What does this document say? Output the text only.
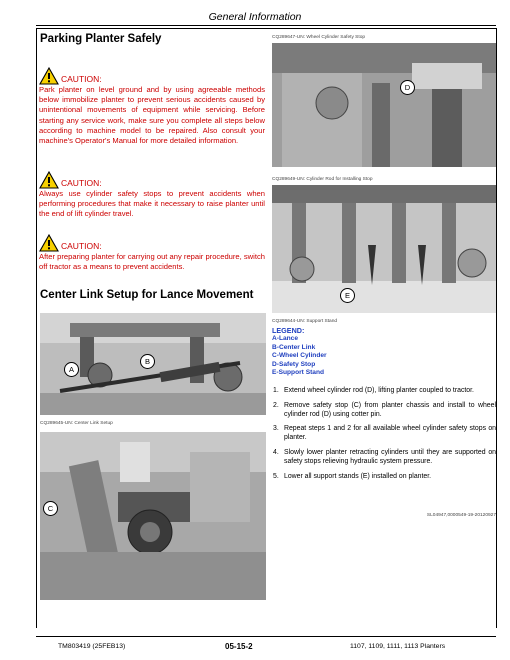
General Information
Parking Planter Safely
CAUTION:
Park planter on level ground and by using agreeable methods below immobilize planter to prevent serious accidents caused by unintentional movements of equipment while servicing. Before starting any service work, make sure you complete all steps below according to machine model to be repaired. Also consult your machine's Operator's Manual for more detailed information.
CAUTION:
Always use cylinder safety stops to prevent accidents when performing procedures that make it necessary to raise planter until the end of lift cylinder travel.
CAUTION:
After preparing planter for carrying out any repair procedure, switch off tractor as a means to prevent accidents.
Center Link Setup for Lance Movement
A
B
CQ289645-UN: Center Link Setup
C
CQ289647-UN: Wheel Cylinder Safety Stop
D
CQ289649-UN: Cylinder Rod for Installing Stop
E
CQ289644-UN: Support Stand
LEGEND:
A-Lance
B-Center Link
C-Wheel Cylinder
D-Safety Stop
E-Support Stand
1. Extend wheel cylinder rod (D), lifting planter coupled to tractor.
2. Remove safety stop (C) from planter chassis and install to wheel cylinder rod (D) using cotter pin.
3. Repeat steps 1 and 2 for all available wheel cylinder safety stops on planter.
4. Slowly lower planter retracting cylinders until they are supported on safety stops relieving hydraulic system pressure.
5. Lower all support stands (E) installed on planter.
SL04947,0000549-19-20120927
TM803419 (25FEB13)	05-15-2	1107, 1109, 1111, 1113 Planters
